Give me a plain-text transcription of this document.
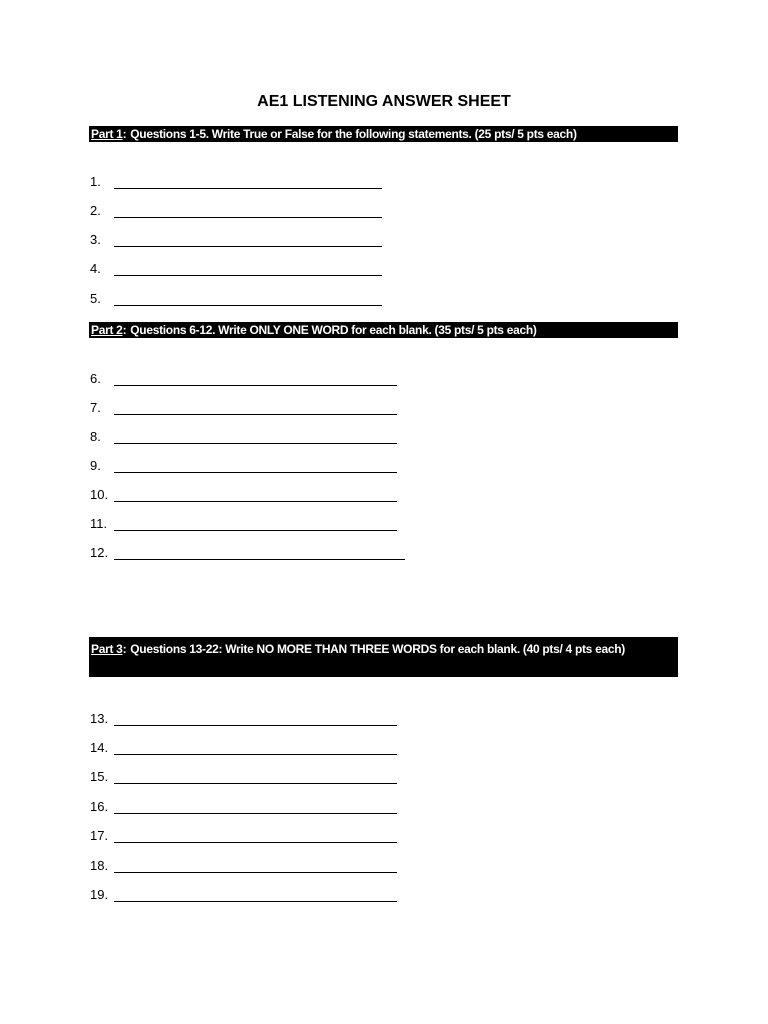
AE1 LISTENING ANSWER SHEET
Part 1: Questions 1-5. Write True or False for the following statements. (25 pts/ 5 pts each)
1.
2.
3.
4.
5.
Part 2: Questions 6-12. Write ONLY ONE WORD for each blank. (35 pts/ 5 pts each)
6.
7.
8.
9.
10.
11.
12.
Part 3: Questions 13-22: Write NO MORE THAN THREE WORDS for each blank. (40 pts/ 4 pts each)
13.
14.
15.
16.
17.
18.
19.
